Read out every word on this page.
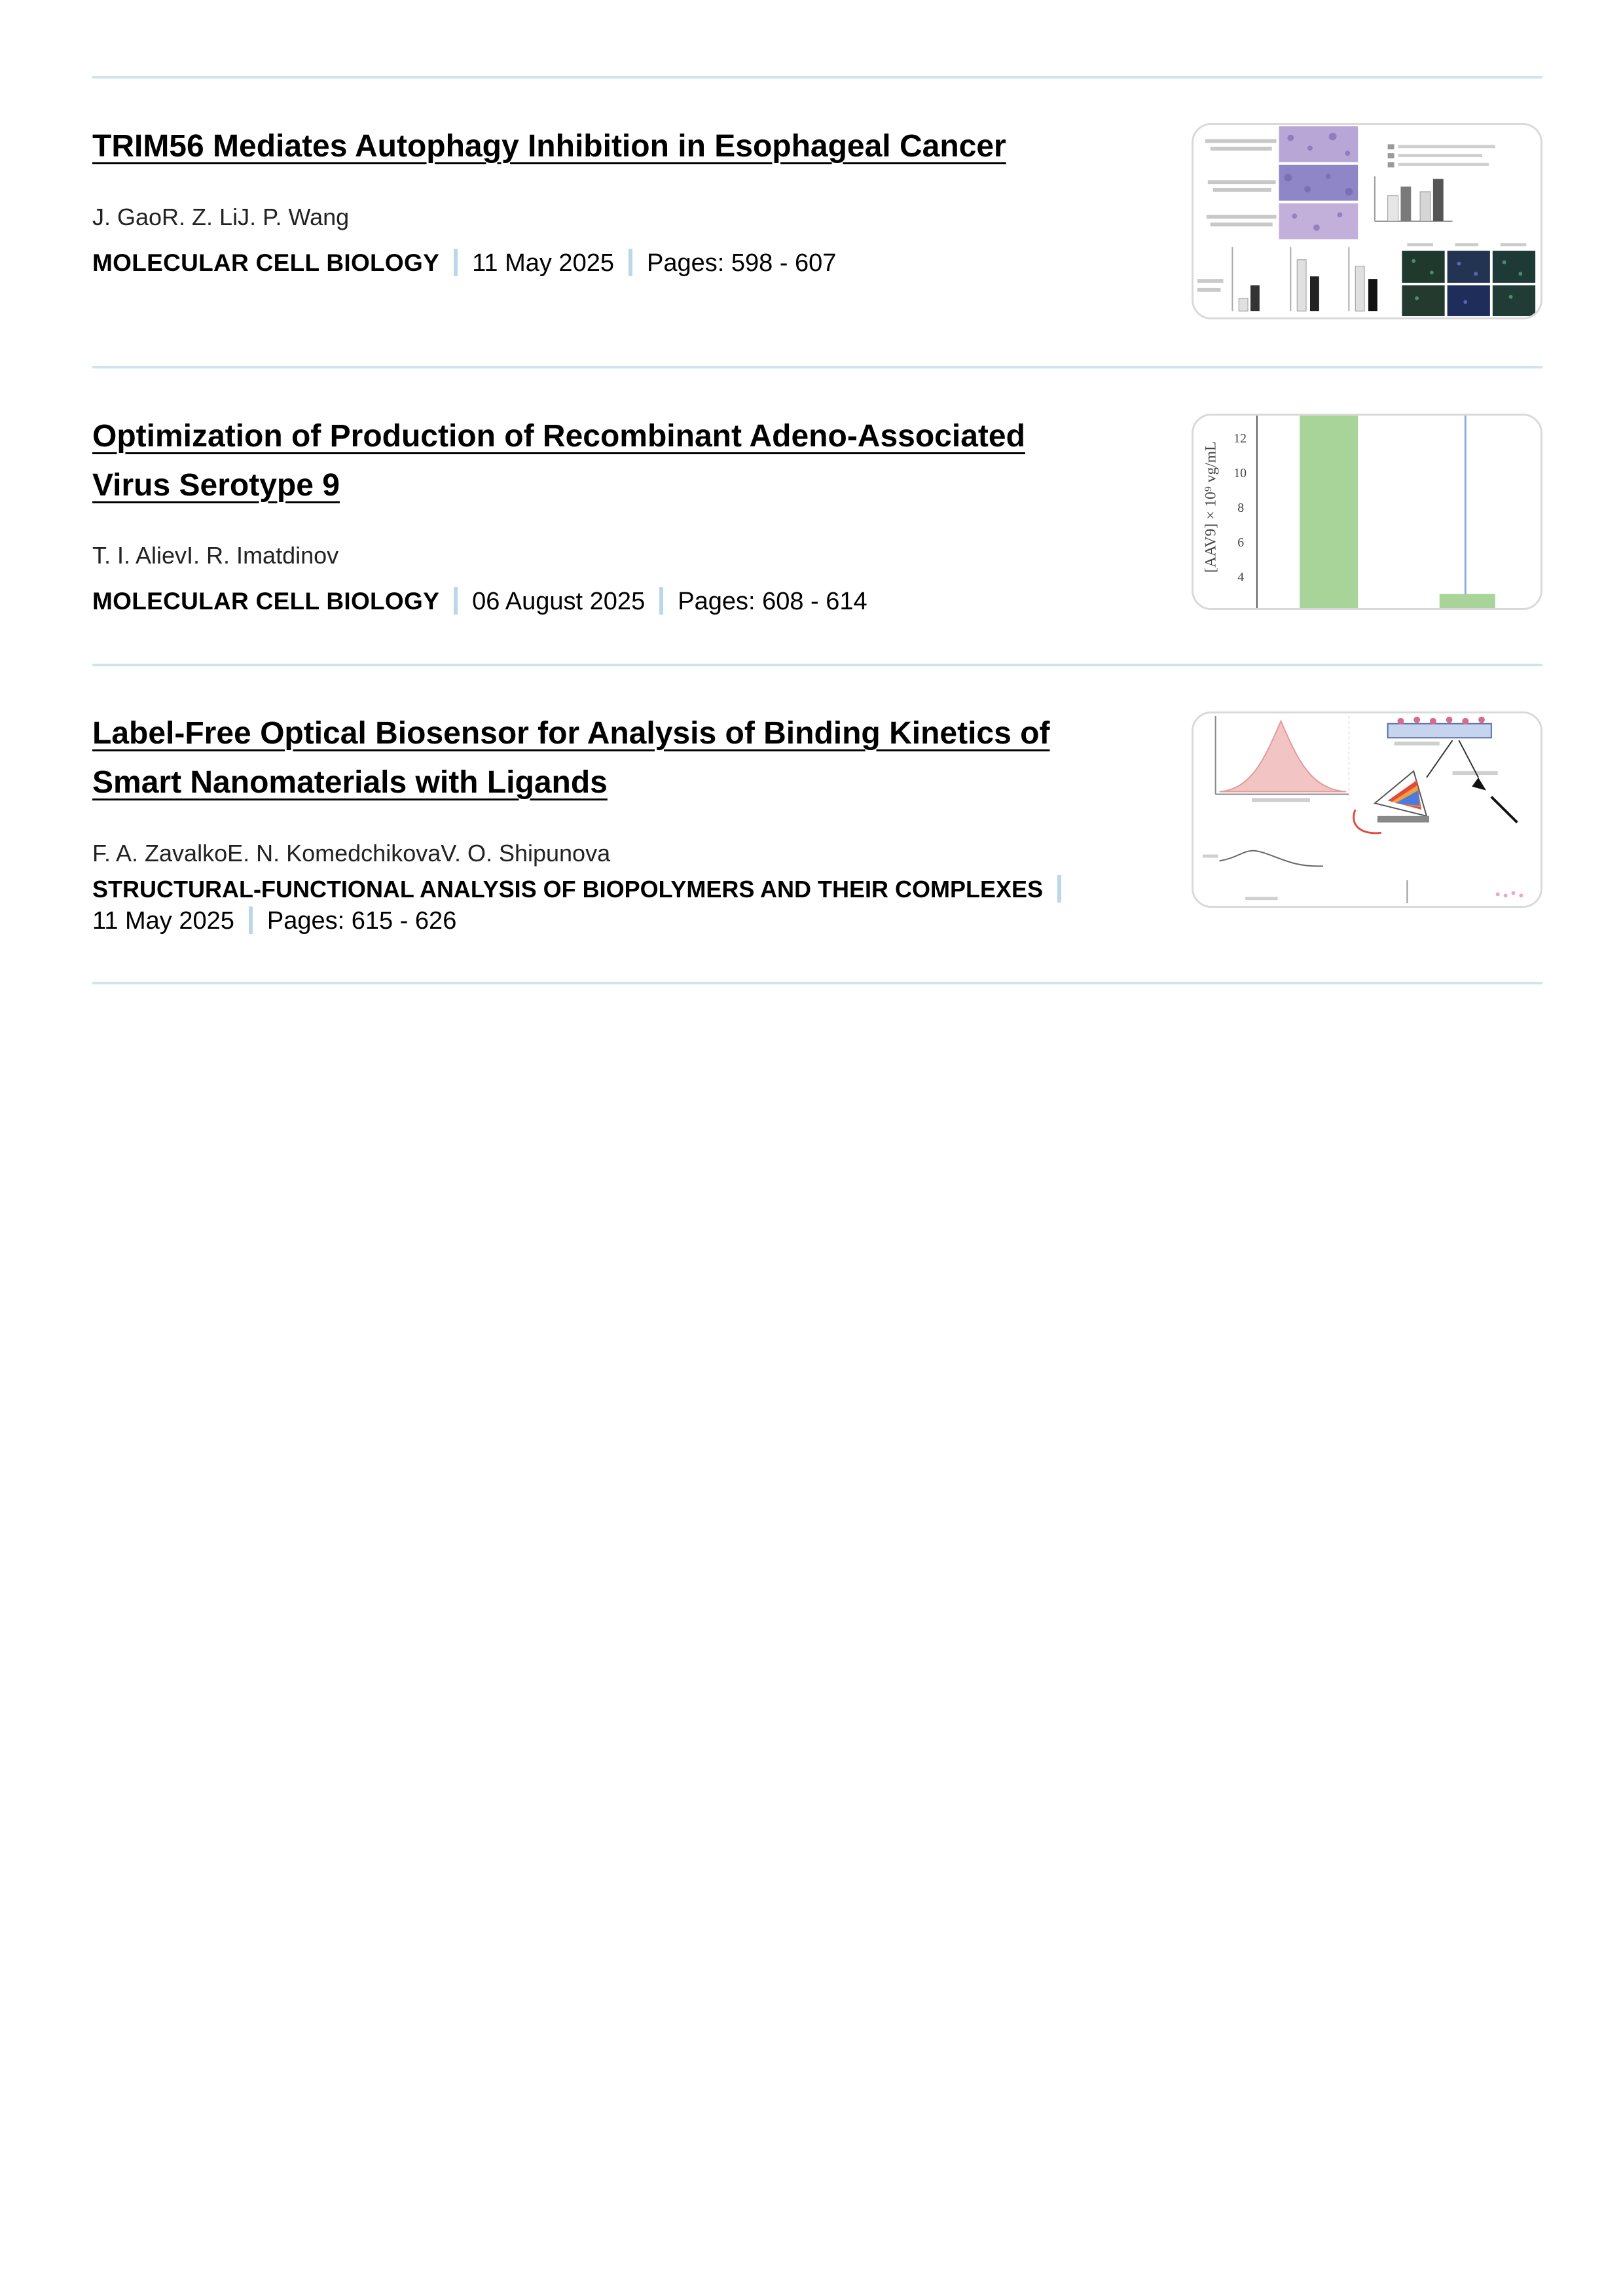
TRIM56 Mediates Autophagy Inhibition in Esophageal Cancer
J. GaoR. Z. LiJ. P. Wang
MOLECULAR CELL BIOLOGY 11 May 2025 Pages: 598 - 607
Optimization of Production of Recombinant Adeno-Associated
Virus Serotype 9
T. I. AlievI. R. Imatdinov
MOLECULAR CELL BIOLOGY 06 August 2025 Pages: 608 - 614
[AAV9] × 10⁹ vg/mL
12
10
8
6
4
Label-Free Optical Biosensor for Analysis of Binding Kinetics of
Smart Nanomaterials with Ligands
F. A. ZavalkoE. N. KomedchikovaV. O. Shipunova
STRUCTURAL-FUNCTIONAL ANALYSIS OF BIOPOLYMERS AND THEIR COMPLEXES
11 May 2025 Pages: 615 - 626
